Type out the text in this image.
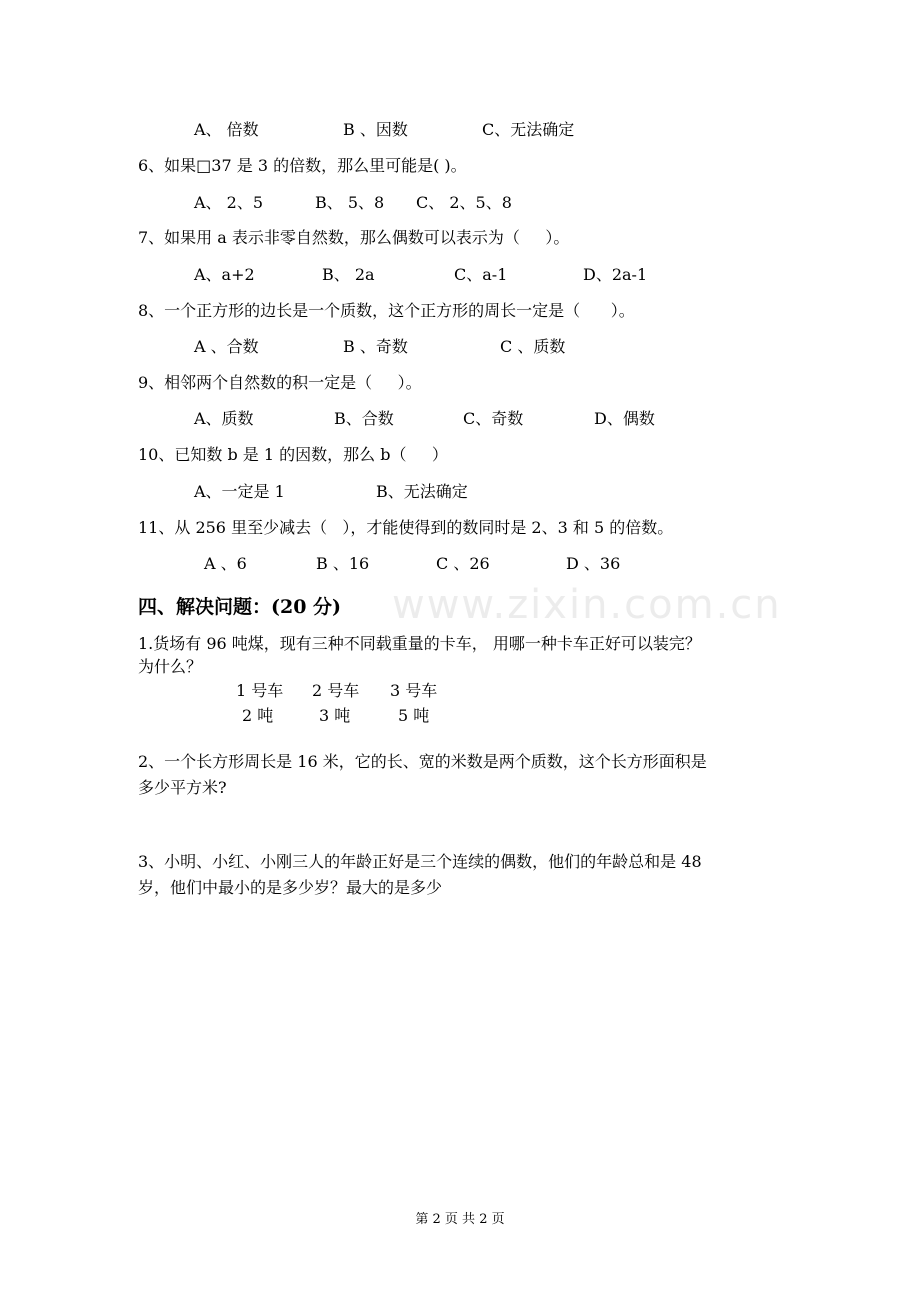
www.zixin.com.cn
A、 倍数	B 、因数	C、无法确定
6、如果□37 是 3 的倍数，那么里可能是( )。
A、 2、5	B、 5、8 C、 2、5、8
7、如果用 a 表示非零自然数，那么偶数可以表示为（     ）。
A、a+2	B、 2a	C、a-1	D、2a-1
8、一个正方形的边长是一个质数，这个正方形的周长一定是（      ）。
A 、合数	B 、奇数	C 、质数
9、相邻两个自然数的积一定是（     ）。
A、质数	B、合数	C、奇数	D、偶数
10、已知数 b 是 1 的因数，那么 b（     ）
A、一定是 1	B、无法确定
11、从 256 里至少减去（   ），才能使得到的数同时是 2、3 和 5 的倍数。
A 、6	B 、16	C 、26	D 、36
四、解决问题：(20 分)
1.货场有 96 吨煤，现有三种不同载重量的卡车， 用哪一种卡车正好可以装完？
为什么？
1 号车 2 号车 3 号车
2 吨	3 吨	5 吨
2、一个长方形周长是 16 米，它的长、宽的米数是两个质数，这个长方形面积是
多少平方米?
3、小明、小红、小刚三人的年龄正好是三个连续的偶数，他们的年龄总和是 48
岁，他们中最小的是多少岁？最大的是多少
第 2 页 共 2 页
